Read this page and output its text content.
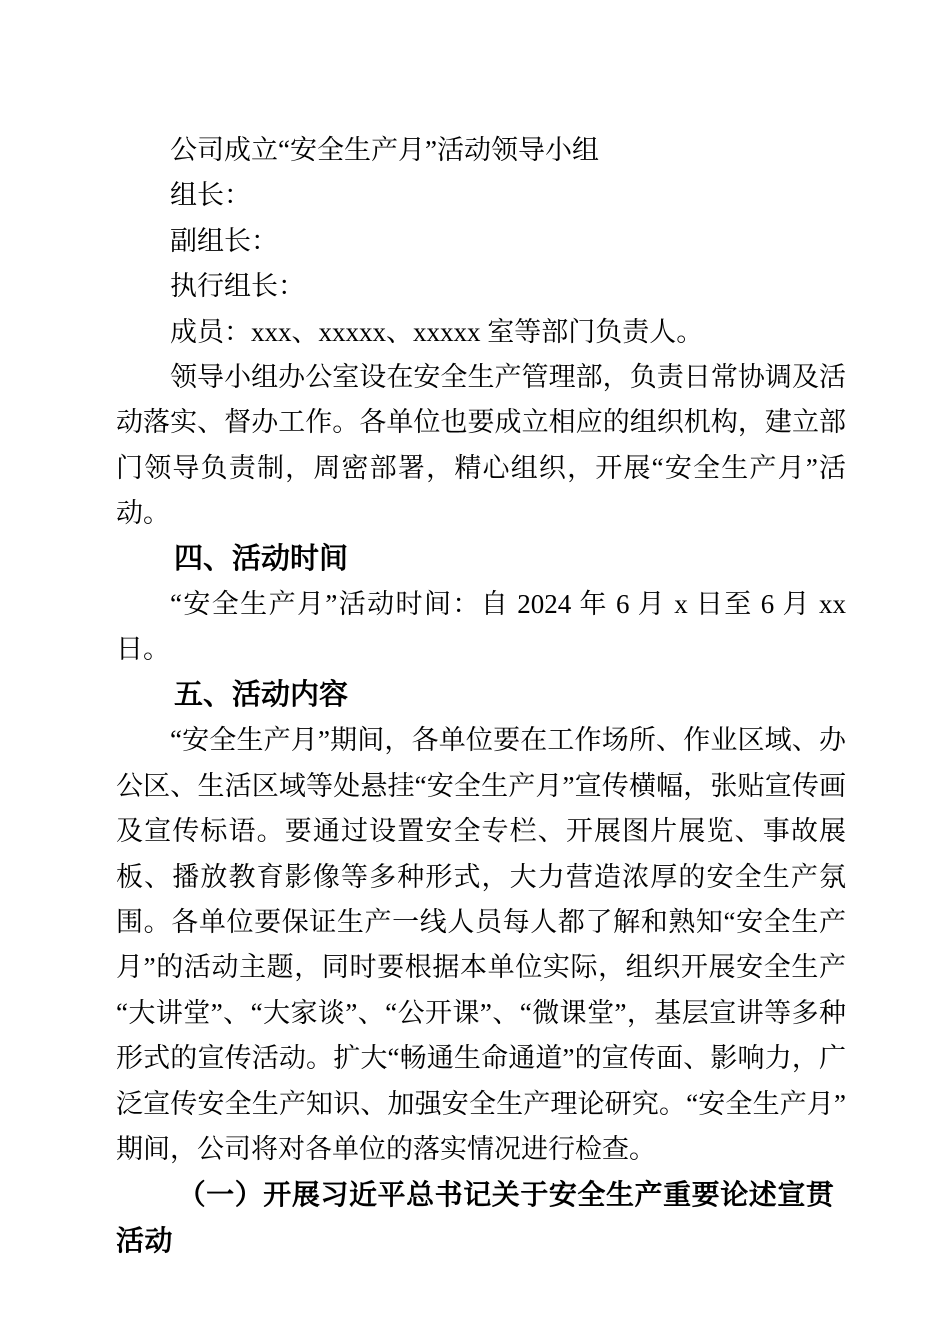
公司成立“安全生产月”活动领导小组

组长：

副组长：

执行组长：

成员：xxx、xxxxx、xxxxx 室等部门负责人。

领导小组办公室设在安全生产管理部，负责日常协调及活动落实、督办工作。各单位也要成立相应的组织机构，建立部门领导负责制，周密部署，精心组织，开展“安全生产月”活动。

四、活动时间

“安全生产月”活动时间：自 2024 年 6 月 x 日至 6 月 xx 日。

五、活动内容

“安全生产月”期间，各单位要在工作场所、作业区域、办公区、生活区域等处悬挂“安全生产月”宣传横幅，张贴宣传画及宣传标语。要通过设置安全专栏、开展图片展览、事故展板、播放教育影像等多种形式，大力营造浓厚的安全生产氛围。各单位要保证生产一线人员每人都了解和熟知“安全生产月”的活动主题，同时要根据本单位实际，组织开展安全生产“大讲堂”、“大家谈”、“公开课”、“微课堂”，基层宣讲等多种形式的宣传活动。扩大“畅通生命通道”的宣传面、影响力，广泛宣传安全生产知识、加强安全生产理论研究。“安全生产月”期间，公司将对各单位的落实情况进行检查。

（一）开展习近平总书记关于安全生产重要论述宣贯活动
